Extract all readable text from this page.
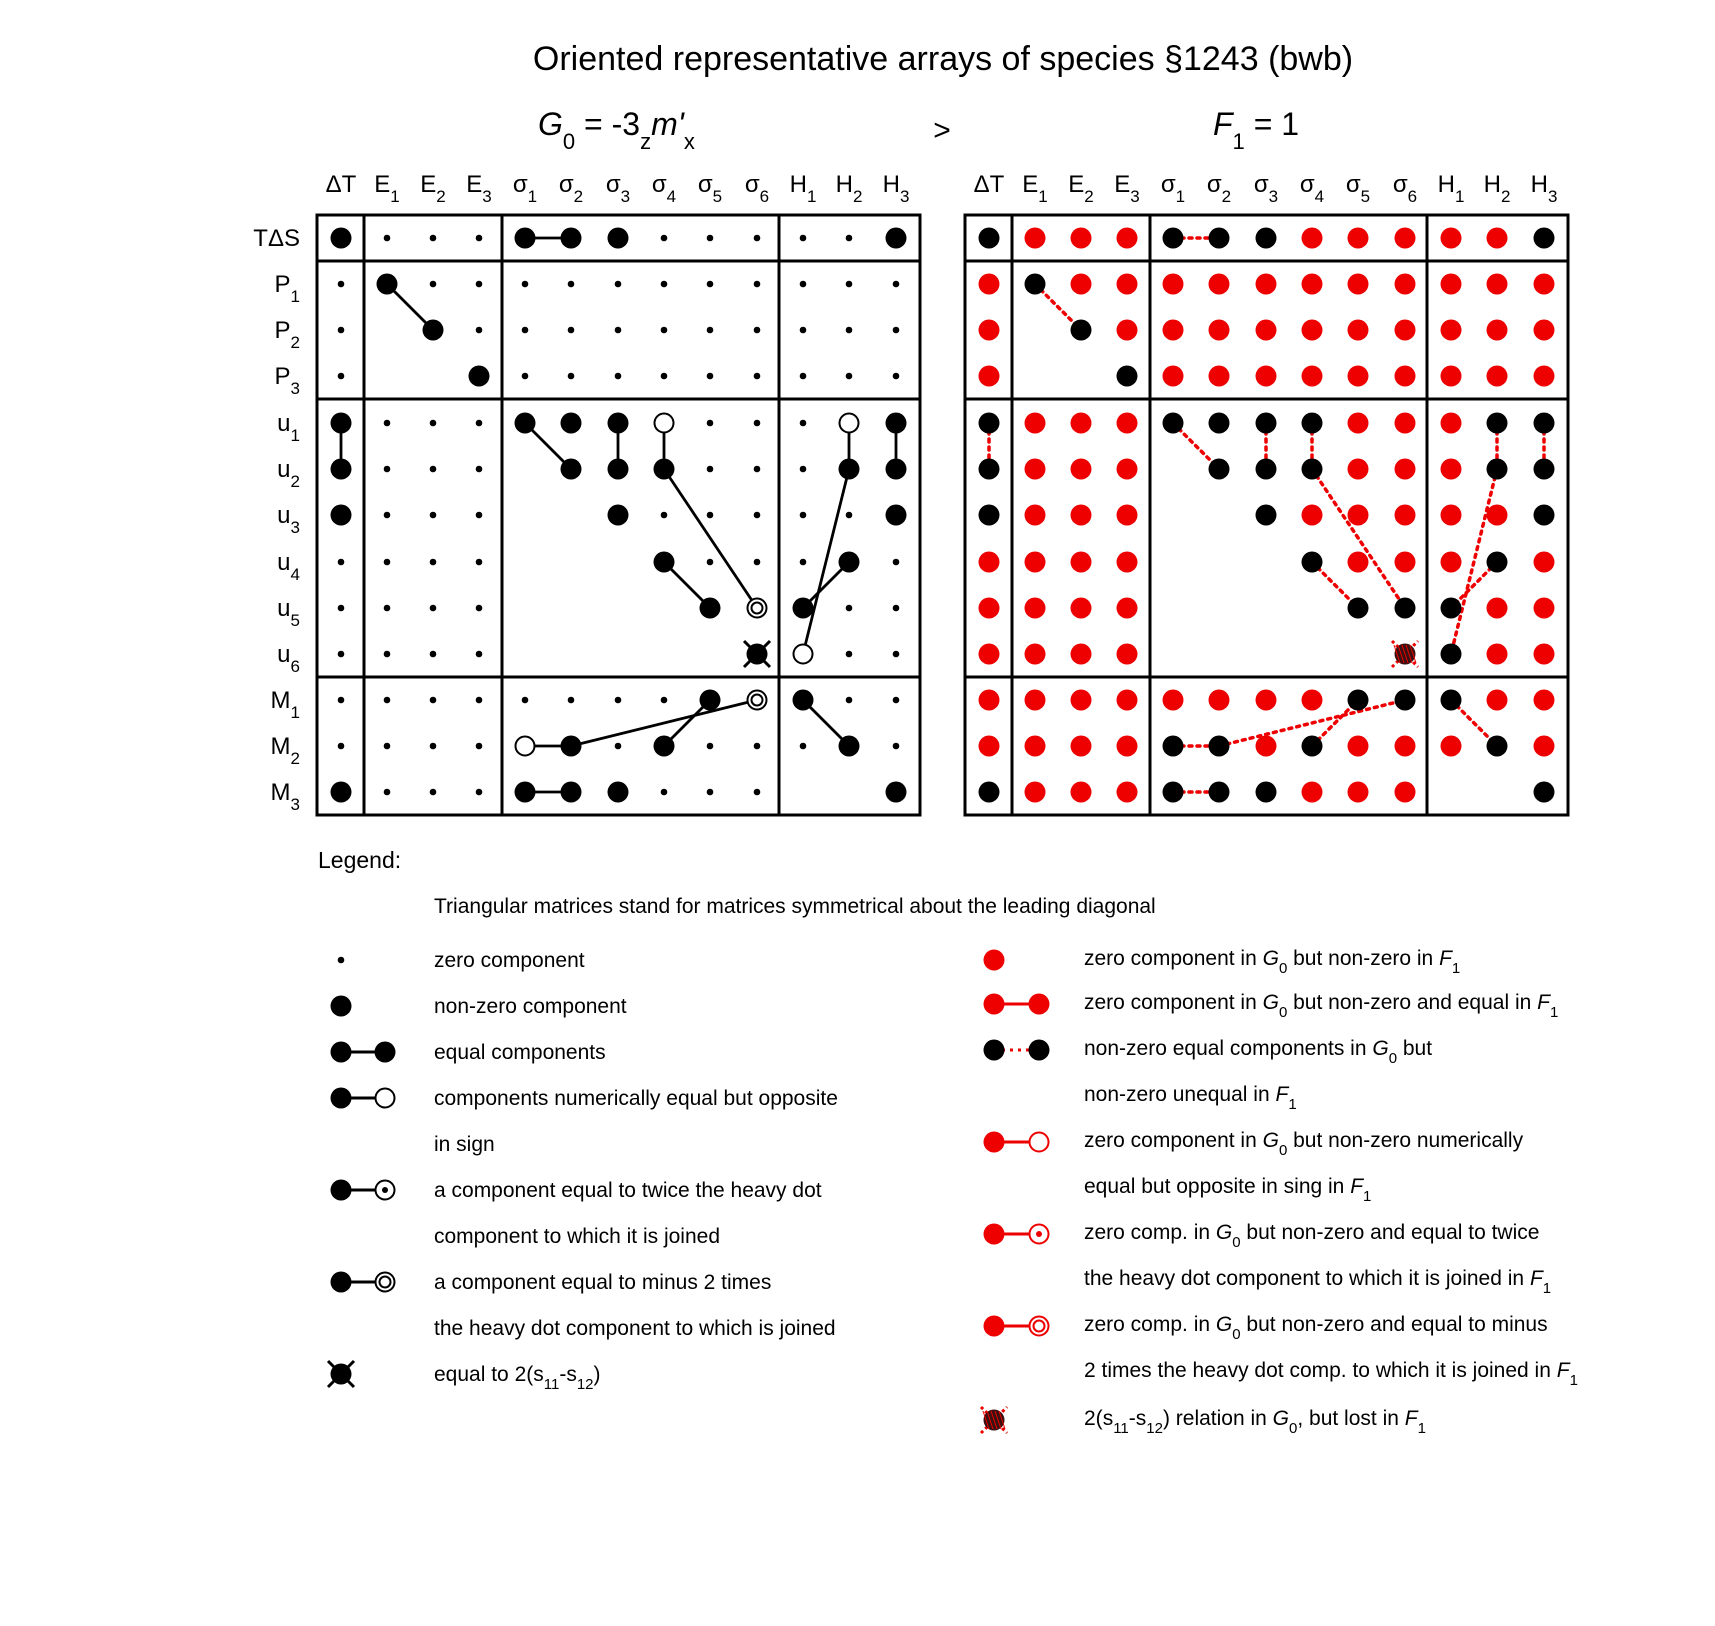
Oriented representative arrays of species §1243 (bwb)
>
$G_0 = -3_zm'_x$	$F_1 = 1$
ΔT $E_1$ $E_2$ $E_3$ $\sigma_1$ $\sigma_2$ $\sigma_3$ $\sigma_4$ $\sigma_5$ $\sigma_6$ $H_1$ $H_2$ $H_3$
TΔS
$P_1$
$P_2$
$P_3$
$u_1$
$u_2$
$u_3$
$u_4$
$u_5$
$u_6$
$M_1$
$M_2$
$M_3$
ΔT $E_1$ $E_2$ $E_3$ $\sigma_1$ $\sigma_2$ $\sigma_3$ $\sigma_4$ $\sigma_5$ $\sigma_6$ $H_1$ $H_2$ $H_3$
Legend:
Triangular matrices stand for matrices symmetrical about the leading diagonal
zero component
non-zero component
equal components
components numerically equal but opposite
in sign
a component equal to twice the heavy dot
component to which it is joined
a component equal to minus 2 times
the heavy dot component to which is joined
equal to $2(s_{11}-s_{12})$
zero component in $G_0$ but non-zero in $F_1$
zero component in $G_0$ but non-zero and equal in $F_1$
non-zero equal components in $G_0$ but
non-zero unequal in $F_1$
zero component in $G_0$ but non-zero numerically
equal but opposite in sing in $F_1$
zero comp. in $G_0$ but non-zero and equal to twice
the heavy dot component to which it is joined in $F_1$
zero comp. in $G_0$ but non-zero and equal to minus
2 times the heavy dot comp. to which it is joined in $F_1$
$2(s_{11}-s_{12})$ relation in $G_0$, but lost in $F_1$
